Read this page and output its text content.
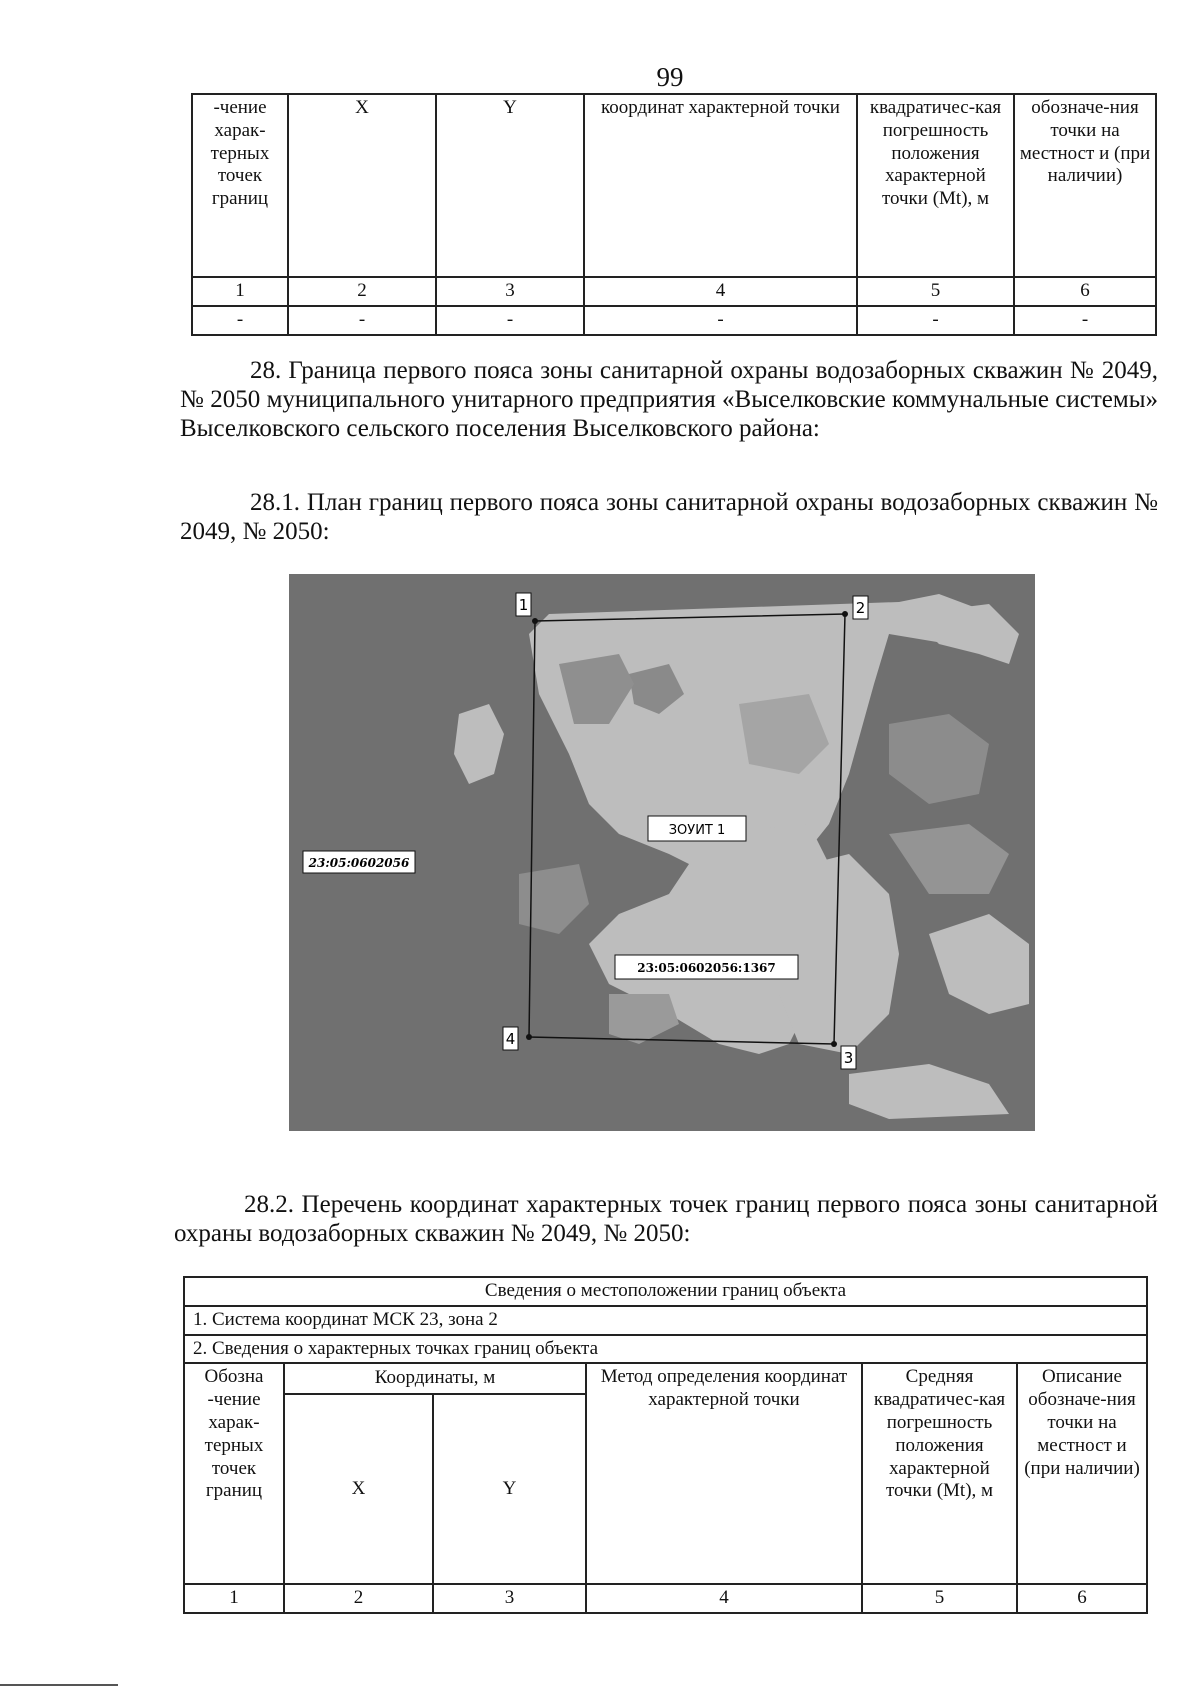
99
-чение харак-терных точек границ	X	Y	координат характерной точки	квадратичес-кая погрешность положения характерной точки (Mt), м	обозначе-ния точки на местност и (при наличии)
1	2	3	4	5	6
-	-	-	-	-	-

28. Граница первого пояса зоны санитарной охраны водозаборных скважин № 2049, № 2050 муниципального унитарного предприятия «Выселковские коммунальные системы» Выселковского сельского поселения Выселковского района:

28.1. План границ первого пояса зоны санитарной охраны водозаборных скважин № 2049, № 2050:

1	2
3
4
ЗОУИТ 1
23:05:0602056
23:05:0602056:1367

28.2. Перечень координат характерных точек границ первого пояса зоны санитарной охраны водозаборных скважин № 2049, № 2050:

Сведения о местоположении границ объекта					
1. Система координат МСК 23, зона 2					
2. Сведения о характерных точках границ объекта					
Обозна -чение харак-терных точек границ	Координаты, м		Метод определения координат характерной точки	Средняя квадратичес-кая погрешность положения характерной точки (Mt), м	Описание обозначе-ния точки на местност и (при наличии)
	X	Y			
1	2	3	4	5	6
